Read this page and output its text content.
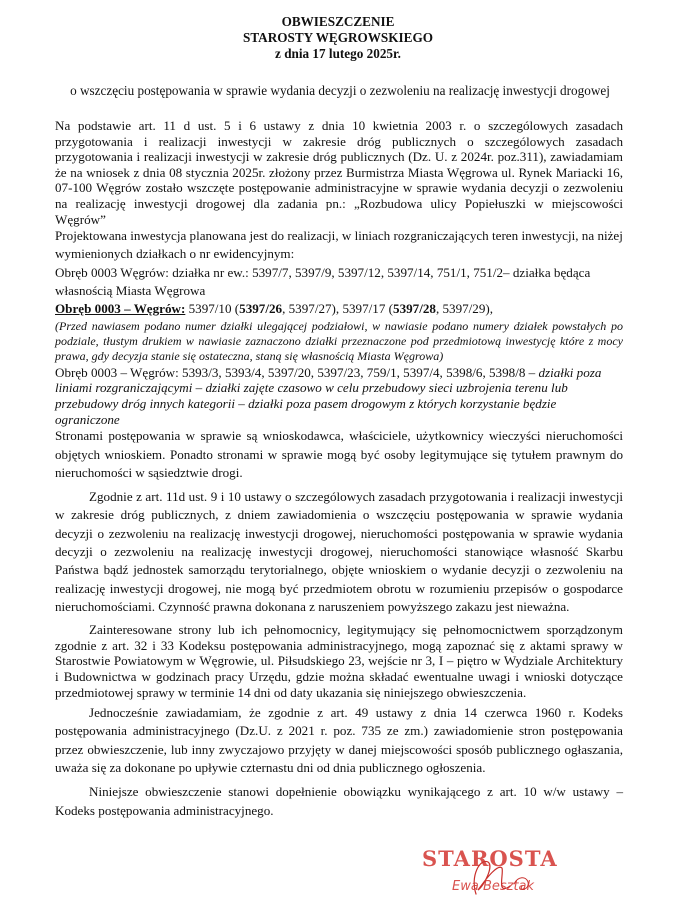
OBWIESZCZENIE
STAROSTY WĘGROWSKIEGO
z dnia 17 lutego 2025r.
o wszczęciu postępowania w sprawie wydania decyzji o zezwoleniu na realizację inwestycji drogowej

Na podstawie art. 11 d ust. 5 i 6 ustawy z dnia 10 kwietnia 2003 r. o szczególowych zasadach przygotowania i realizacji inwestycji w zakresie dróg publicznych o szczególowych zasadach przygotowania i realizacji inwestycji w zakresie dróg publicznych (Dz. U. z 2024r. poz.311), zawiadamiam że na wniosek z dnia 08 stycznia 2025r. złożony przez Burmistrza Miasta Węgrowa ul. Rynek Mariacki 16, 07-100 Węgrów zostało wszczęte postępowanie administracyjne w sprawie wydania decyzji o zezwoleniu na realizację inwestycji drogowej dla zadania pn.: „Rozbudowa ulicy Popiełuszki w miejscowości Węgrów”

Projektowana inwestycja planowana jest do realizacji, w liniach rozgraniczających teren inwestycji, na niżej wymienionych działkach o nr ewidencyjnym:

Obręb 0003 Węgrów: działka nr ew.: 5397/7, 5397/9, 5397/12, 5397/14, 751/1, 751/2– działka będąca własnością Miasta Węgrowa

Obręb 0003 – Węgrów: 5397/10 (5397/26, 5397/27), 5397/17 (5397/28, 5397/29),

(Przed nawiasem podano numer działki ulegającej podziałowi, w nawiasie podano numery działek powstałych po podziale, tłustym drukiem w nawiasie zaznaczono działki przeznaczone pod przedmiotową inwestycję które z mocy prawa, gdy decyzja stanie się ostateczna, staną się własnością Miasta Węgrowa)

Obręb 0003 – Węgrów: 5393/3, 5393/4, 5397/20, 5397/23, 759/1, 5397/4, 5398/6, 5398/8 – działki poza liniami rozgraniczającymi – działki zajęte czasowo w celu przebudowy sieci uzbrojenia terenu lub przebudowy dróg innych kategorii – działki poza pasem drogowym z których korzystanie będzie ograniczone

Stronami postępowania w sprawie są wnioskodawca, właściciele, użytkownicy wieczyści nieruchomości objętych wnioskiem. Ponadto stronami w sprawie mogą być osoby legitymujące się tytułem prawnym do nieruchomości w sąsiedztwie drogi.

Zgodnie z art. 11d ust. 9 i 10 ustawy o szczególowych zasadach przygotowania i realizacji inwestycji w zakresie dróg publicznych, z dniem zawiadomienia o wszczęciu postępowania w sprawie wydania decyzji o zezwoleniu na realizację inwestycji drogowej, nieruchomości postępowania w sprawie wydania decyzji o zezwoleniu na realizację inwestycji drogowej, nieruchomości stanowiące własność Skarbu Państwa bądź jednostek samorządu terytorialnego, objęte wnioskiem o wydanie decyzji o zezwoleniu na realizację inwestycji drogowej, nie mogą być przedmiotem obrotu w rozumieniu przepisów o gospodarce nieruchomościami. Czynność prawna dokonana z naruszeniem powyższego zakazu jest nieważna.

Zainteresowane strony lub ich pełnomocnicy, legitymujący się pełnomocnictwem sporządzonym zgodnie z art. 32 i 33 Kodeksu postępowania administracyjnego, mogą zapoznać się z aktami sprawy w Starostwie Powiatowym w Węgrowie, ul. Piłsudskiego 23, wejście nr 3, I – piętro w Wydziale Architektury i Budownictwa w godzinach pracy Urzędu, gdzie można składać ewentualne uwagi i wnioski dotyczące przedmiotowej sprawy w terminie 14 dni od daty ukazania się niniejszego obwieszczenia.

Jednocześnie zawiadamiam, że zgodnie z art. 49 ustawy z dnia 14 czerwca 1960 r. Kodeks postępowania administracyjnego (Dz.U. z 2021 r. poz. 735 ze zm.) zawiadomienie stron postępowania przez obwieszczenie, lub inny zwyczajowo przyjęty w danej miejscowości sposób publicznego ogłaszania, uważa się za dokonane po upływie czternastu dni od dnia publicznego ogłoszenia.

Niniejsze obwieszczenie stanowi dopełnienie obowiązku wynikającego z art. 10 w/w ustawy – Kodeks postępowania administracyjnego.

STAROSTA
Ewa Besztak
